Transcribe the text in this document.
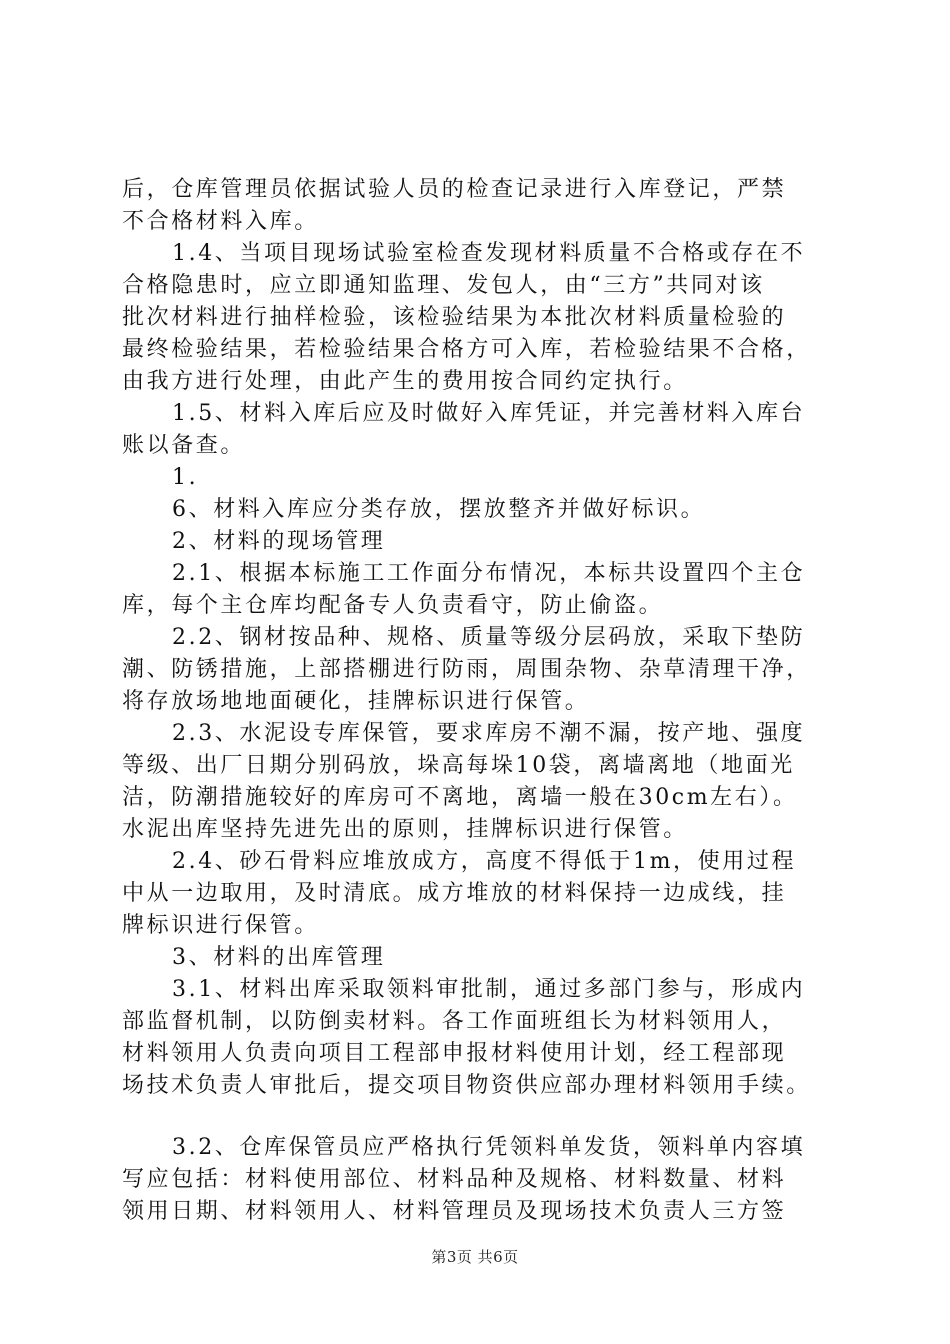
后，仓库管理员依据试验人员的检查记录进行入库登记，严禁
不合格材料入库。
1.4、当项目现场试验室检查发现材料质量不合格或存在不
合格隐患时，应立即通知监理、发包人，由“三方”共同对该
批次材料进行抽样检验，该检验结果为本批次材料质量检验的
最终检验结果，若检验结果合格方可入库，若检验结果不合格，
由我方进行处理，由此产生的费用按合同约定执行。
1.5、材料入库后应及时做好入库凭证，并完善材料入库台
账以备查。
1.
6、材料入库应分类存放，摆放整齐并做好标识。
2、材料的现场管理
2.1、根据本标施工工作面分布情况，本标共设置四个主仓
库，每个主仓库均配备专人负责看守，防止偷盗。
2.2、钢材按品种、规格、质量等级分层码放，采取下垫防
潮、防锈措施，上部搭棚进行防雨，周围杂物、杂草清理干净，
将存放场地地面硬化，挂牌标识进行保管。
2.3、水泥设专库保管，要求库房不潮不漏，按产地、强度
等级、出厂日期分别码放，垛高每垛10袋，离墙离地（地面光
洁，防潮措施较好的库房可不离地，离墙一般在30cm左右）。
水泥出库坚持先进先出的原则，挂牌标识进行保管。
2.4、砂石骨料应堆放成方，高度不得低于1m，使用过程
中从一边取用，及时清底。成方堆放的材料保持一边成线，挂
牌标识进行保管。
3、材料的出库管理
3.1、材料出库采取领料审批制，通过多部门参与，形成内
部监督机制，以防倒卖材料。各工作面班组长为材料领用人，
材料领用人负责向项目工程部申报材料使用计划，经工程部现
场技术负责人审批后，提交项目物资供应部办理材料领用手续。
3.2、仓库保管员应严格执行凭领料单发货，领料单内容填
写应包括：材料使用部位、材料品种及规格、材料数量、材料
领用日期、材料领用人、材料管理员及现场技术负责人三方签
第3页 共6页
